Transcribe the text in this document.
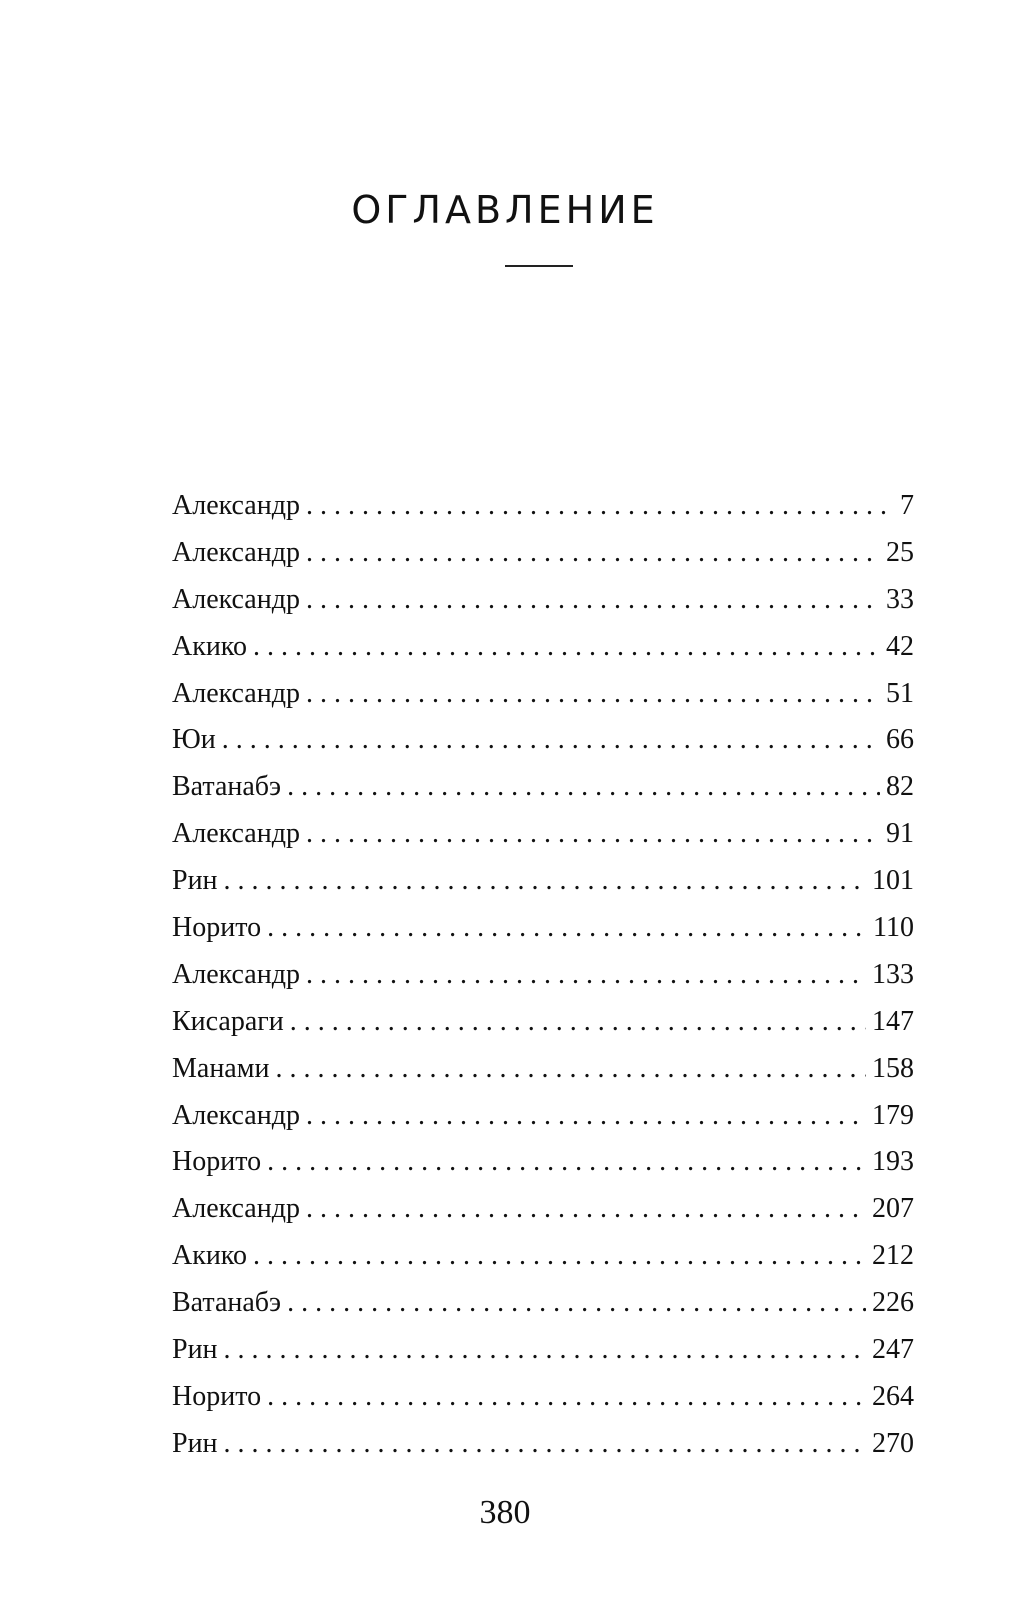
ОГЛАВЛЕНИЕ
Александр . . .	7
Александр . . .	25
Александр . . .	33
Акико . . .	42
Александр . . .	51
Юи . . .	66
Ватанабэ . . .	82
Александр . . .	91
Рин . . .	101
Норито . . .	110
Александр . . .	133
Кисараги . . .	147
Манами . . .	158
Александр . . .	179
Норито . . .	193
Александр . . .	207
Акико . . .	212
Ватанабэ . . .	226
Рин . . .	247
Норито . . .	264
Рин . . .	270

380
